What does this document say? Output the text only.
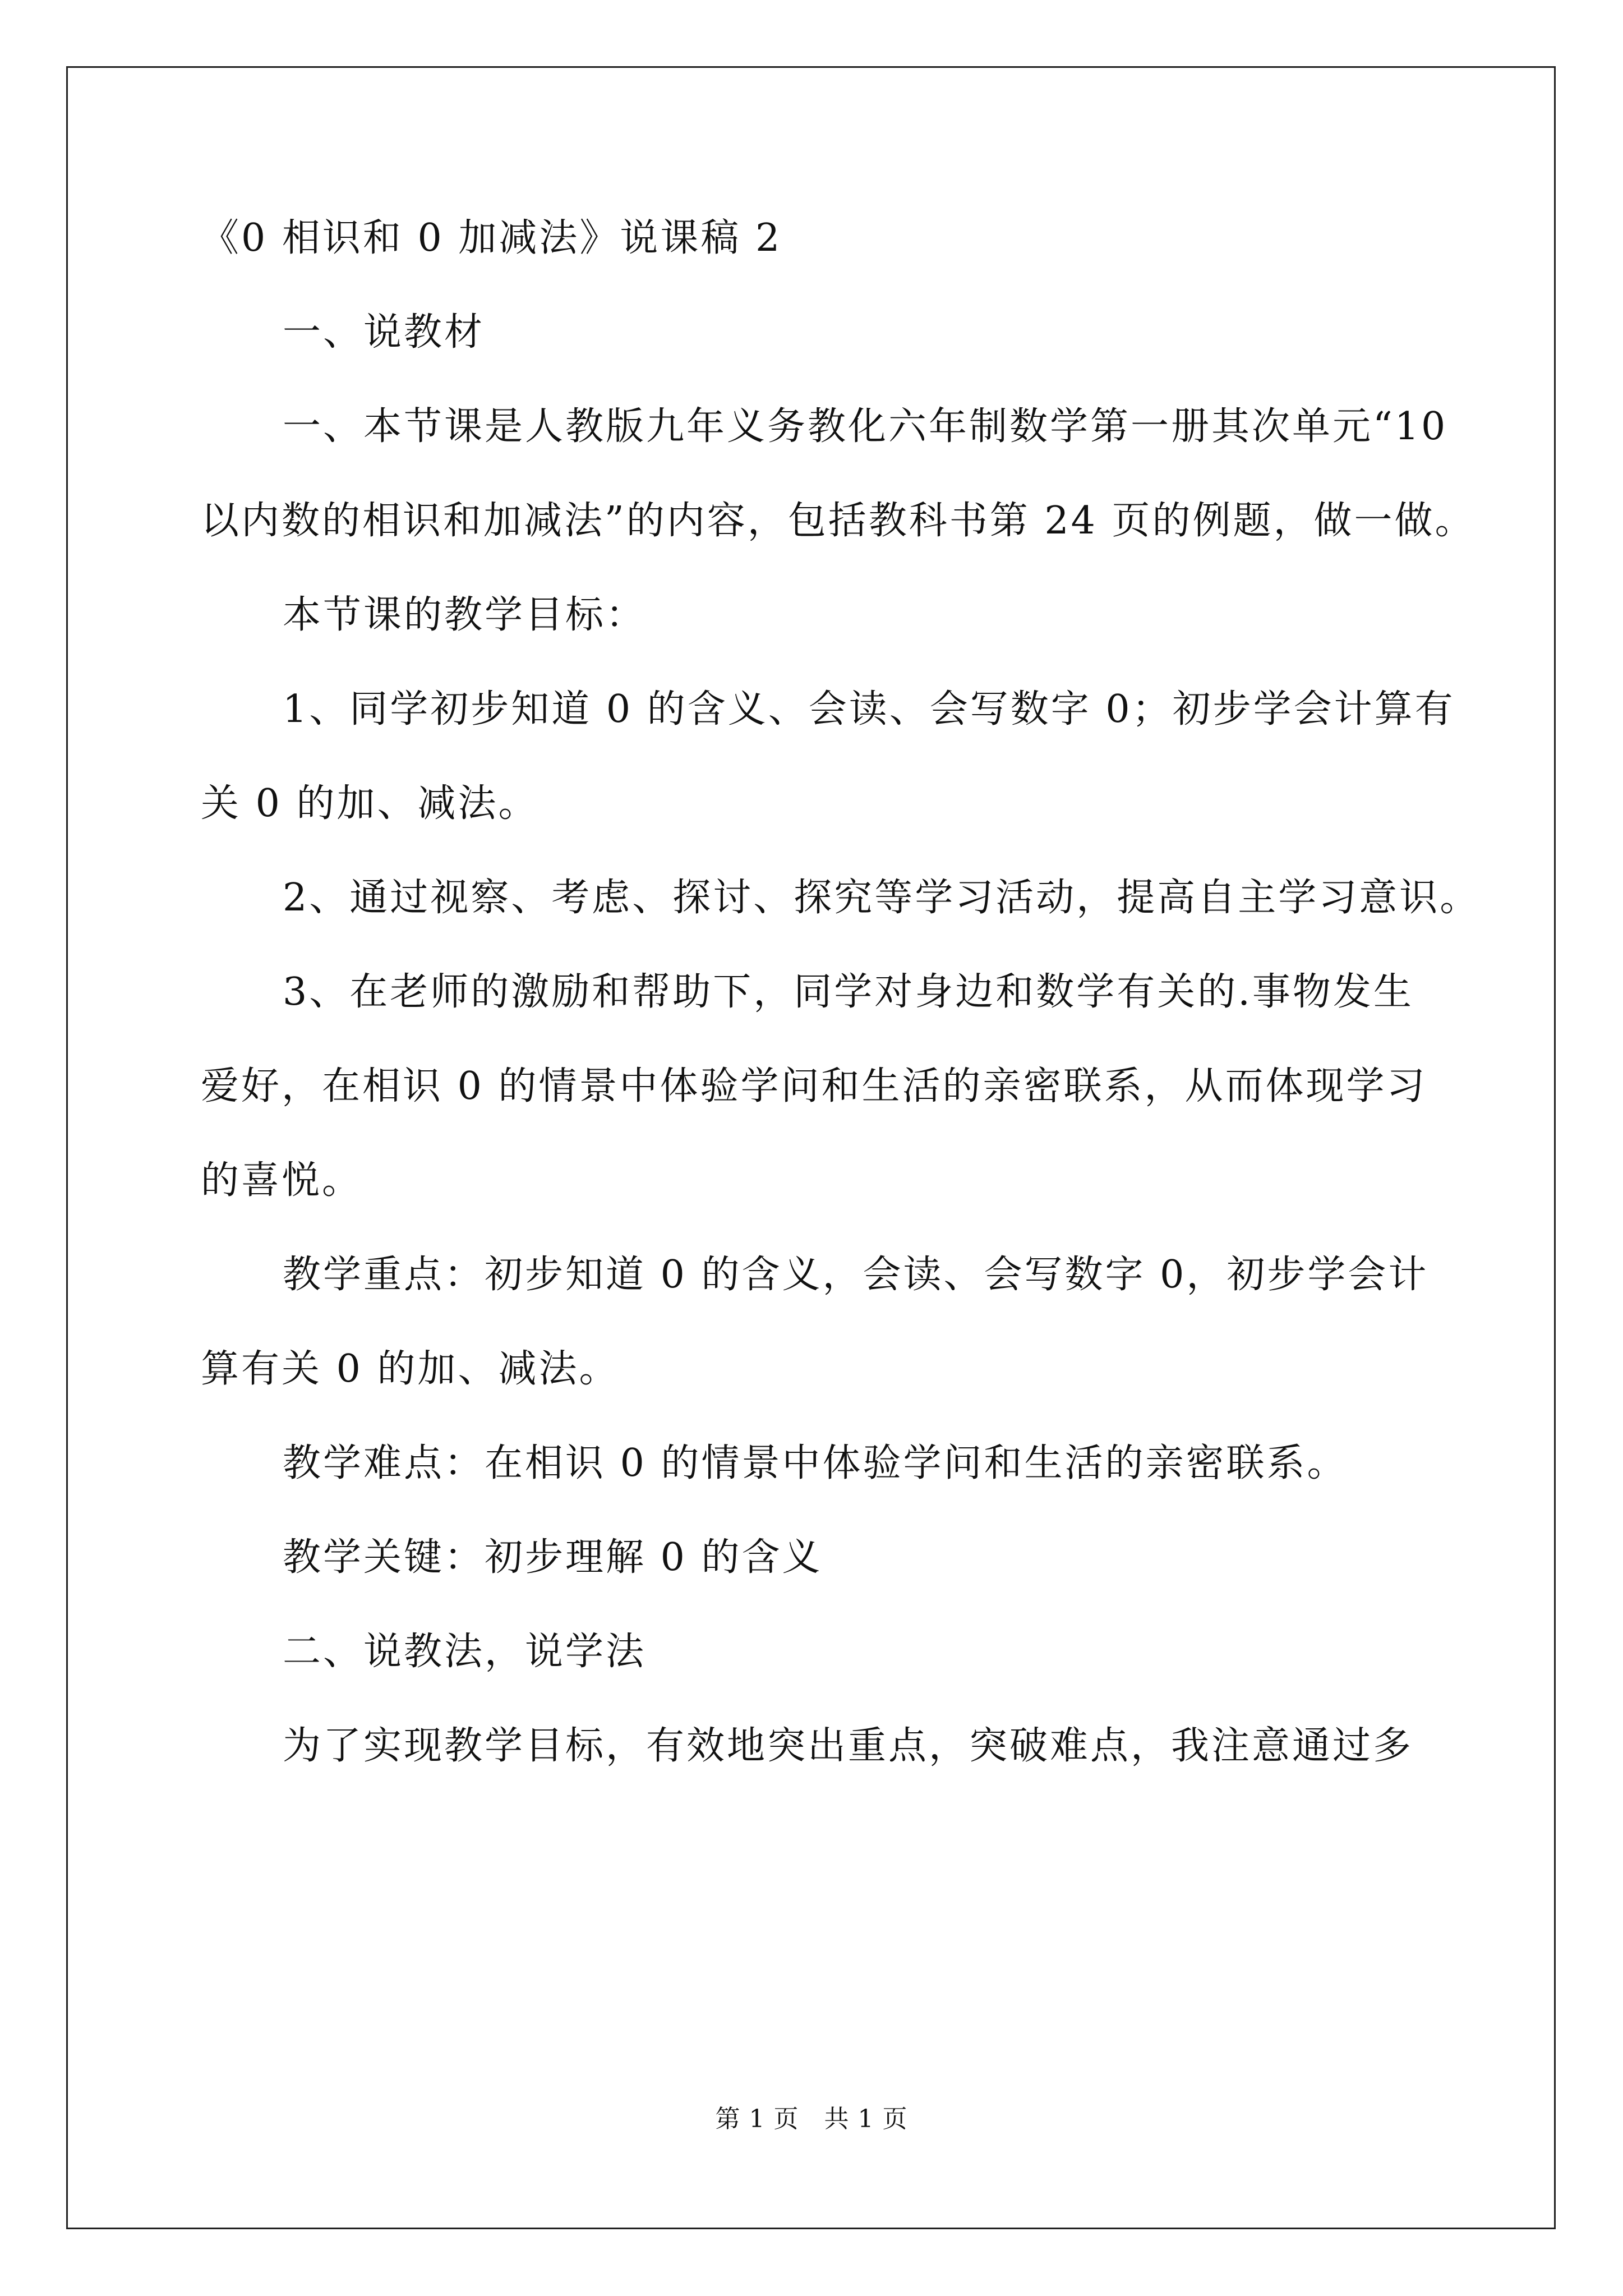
《0 相识和 0 加减法》说课稿 2
一、说教材
一、本节课是人教版九年义务教化六年制数学第一册其次单元“10
以内数的相识和加减法”的内容，包括教科书第 24 页的例题，做一做。
本节课的教学目标：
1、同学初步知道 0 的含义、会读、会写数字 0；初步学会计算有
关 0 的加、减法。
2、通过视察、考虑、探讨、探究等学习活动，提高自主学习意识。
3、在老师的激励和帮助下，同学对身边和数学有关的.事物发生
爱好，在相识 0 的情景中体验学问和生活的亲密联系，从而体现学习
的喜悦。
教学重点：初步知道 0 的含义，会读、会写数字 0，初步学会计
算有关 0 的加、减法。
教学难点：在相识 0 的情景中体验学问和生活的亲密联系。
教学关键：初步理解 0 的含义
二、说教法，说学法
为了实现教学目标，有效地突出重点，突破难点，我注意通过多
第 1 页　共 1 页
